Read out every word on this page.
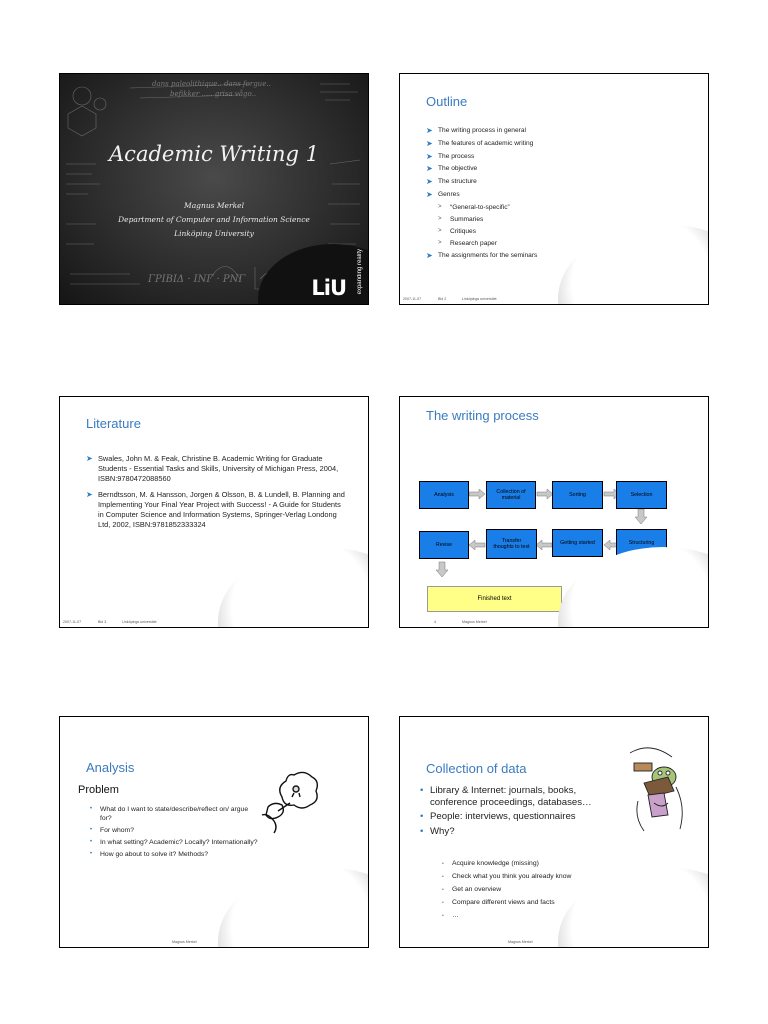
dans paleolithique.. dans forgue..
befikker ..... grisa vågo..
ΓΡΙΒΙΔ · ΙΝΓ · ΡΝΓ
Academic Writing 1
Magnus Merkel
Department of Computer and Information Science
Linköping University
LiU expanding reality
Outline
➤ The writing process in general
➤ The features of academic writing
➤ The process
➤ The objective
➤ The structure
➤ Genres
> “General-to-specific”
> Summaries
> Critiques
> Research paper
➤ The assignments for the seminars
2007-11-07	Bld 2	Linköpings universitet	LiU expanding reality
Literature
➤ Swales, John M. & Feak, Christine B. Academic Writing for Graduate Students - Essential Tasks and Skills, University of Michigan Press, 2004, ISBN:9780472088560
➤ Berndtsson, M. & Hansson, Jorgen & Olsson, B. & Lundell, B. Planning and Implementing Your Final Year Project with Success! - A Guide for Students in Computer Science and Information Systems, Springer-Verlag Londong Ltd, 2002, ISBN:9781852333324
2007-11-07	Bld 3	Linköpings universitet	LiU expanding reality
The writing process
Analysis	Collection of material	Sorting	Selection
Structuring
Getting started
Transfer thoughts to text
Revise
Finished text
4	Magnus Merkel	LiU expanding reality
Analysis
Problem
• What do I want to state/describe/reflect on/ argue for?
• For whom?
• In what setting? Academic? Locally? Internationally?
• How go about to solve it? Methods?
Magnus Merkel	LiU expanding reality
Collection of data
• Library & Internet: journals, books, conference proceedings, databases…
• People: interviews, questionnaires
• Why?
• Acquire knowledge (missing)
• Check what you think you already know
• Get an overview
• Compare different views and facts
• …
Magnus Merkel	LiU expanding reality
